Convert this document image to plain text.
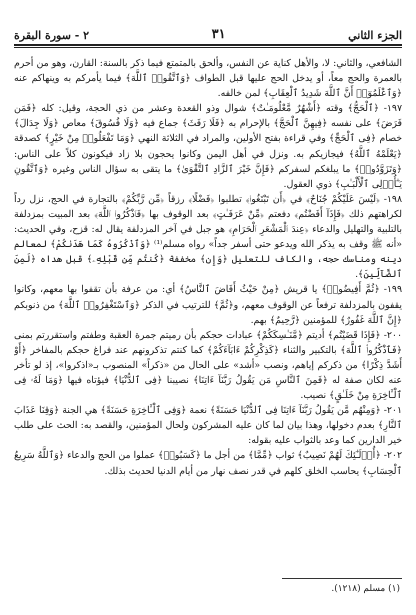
الجزء الثاني
٣١
٢ - سورة البقرة

الشافعي، والثاني: لا، والأهل كناية عن النفس، وألحق بالمتمتع فيما ذكر بالسنة: القارن، وهو من أحرم بالعمرة والحج معاً، أو يدخل الحج عليها قبل الطواف ﴿وَٱتَّقُوا۟ ٱللَّهَ﴾ فيما يأمركم به وينهاكم عنه ﴿وَٱعْلَمُوٓا۟ أَنَّ ٱللَّهَ شَدِيدُ ٱلْعِقَابِ﴾ لمن خالفه.

١٩٧- ﴿ٱلْحَجُّ﴾ وقته ﴿أَشْهُرٌ مَّعْلُومَـٰتٌ﴾ شوال وذو القعدة وعشر من ذي الحجة، وقيل: كله ﴿فَمَن فَرَضَ﴾ على نفسه ﴿فِيهِنَّ ٱلْحَجَّ﴾ بالإحرام به ﴿فَلَا رَفَثَ﴾ جماع فيه ﴿وَلَا فُسُوقَ﴾ معاص ﴿وَلَا جِدَالَ﴾ خصام ﴿فِى ٱلْحَجِّ﴾ وفي قراءة بفتح الأولين، والمراد في الثلاثة النهي ﴿وَمَا تَفْعَلُوا۟ مِنْ خَيْرٍ﴾ كصدقة ﴿يَعْلَمْهُ ٱللَّهُ﴾ فيجازيكم به. ونزل في أهل اليمن وكانوا يحجون بلا زاد فيكونون كلاً على الناس: ﴿وَتَزَوَّدُوا۟﴾ ما يبلغكم لسفركم ﴿فَإِنَّ خَيْرَ ٱلزَّادِ ٱلتَّقْوَىٰ﴾ ما يتقى به سؤال الناس وغيره ﴿وَٱتَّقُونِ يَـٰٓأُو۟لِى ٱلْأَلْبَـٰبِ﴾ ذوي العقول.

١٩٨- ﴿لَيْسَ عَلَيْكُمْ جُنَاحٌ﴾ في ﴿أَن تَبْتَغُوا۟﴾ تطلبوا ﴿فَضْلًا﴾ رزقاً ﴿مِّن رَّبِّكُمْ﴾ بالتجارة في الحج، نزل رداً لكراهتهم ذلك ﴿فَإِذَآ أَفَضْتُم﴾ دفعتم ﴿مِّنْ عَرَفَـٰتٍ﴾ بعد الوقوف بها ﴿فَٱذْكُرُوا۟ ٱللَّهَ﴾ بعد المبيت بمزدلفة بالتلبية والتهليل والدعاء ﴿عِندَ ٱلْمَشْعَرِ ٱلْحَرَامِ﴾ هو جبل في آخر المزدلفة يقال له: قزح، وفي الحديث: «أنه ﷺ وقف به يذكر الله ويدعو حتى أسفر جداً» رواه مسلم⁽¹⁾ ﴿وَٱذْكُرُوهُ كَمَا هَدَىٰكُمْ﴾ لمعالم دينه ومناسك حجه، والكاف للتعليل ﴿وَإِن﴾ مخففة ﴿كُنتُم مِّن قَبْلِهِۦ﴾ قبل هداه ﴿لَمِنَ ٱلضَّآلِّينَ﴾.

١٩٩- ﴿ثُمَّ أَفِيضُوا۟﴾ يا قريش ﴿مِنْ حَيْثُ أَفَاضَ ٱلنَّاسُ﴾ أي: من عرفة بأن تقفوا بها معهم، وكانوا يقفون بالمزدلفة ترفعاً عن الوقوف معهم، و﴿ثُمَّ﴾ للترتيب في الذكر ﴿وَٱسْتَغْفِرُوا۟ ٱللَّهَ﴾ من ذنوبكم ﴿إِنَّ ٱللَّهَ غَفُورٌ﴾ للمؤمنين ﴿رَّحِيمٌ﴾ بهم.

٢٠٠- ﴿فَإِذَا قَضَيْتُم﴾ أديتم ﴿مَّنَـٰسِكَكُمْ﴾ عبادات حجكم بأن رميتم جمرة العقبة وطفتم واستقررتم بمنى ﴿فَٱذْكُرُوا۟ ٱللَّهَ﴾ بالتكبير والثناء ﴿كَذِكْرِكُمْ ءَابَآءَكُمْ﴾ كما كنتم تذكرونهم عند فراغ حجكم بالمفاخر ﴿أَوْ أَشَدَّ ذِكْرًا﴾ من ذكركم إياهم، ونصب «أشد» على الحال من «ذكراً» المنصوب بـ«اذكروا»، إذ لو تأخر عنه لكان صفة له ﴿فَمِنَ ٱلنَّاسِ مَن يَقُولُ رَبَّنَآ ءَاتِنَا﴾ نصيبنا ﴿فِى ٱلدُّنْيَا﴾ فيؤتاه فيها ﴿وَمَا لَهُۥ فِى ٱلْـَٔاخِرَةِ مِنْ خَلَـٰقٍ﴾ نصيب.

٢٠١- ﴿وَمِنْهُم مَّن يَقُولُ رَبَّنَآ ءَاتِنَا فِى ٱلدُّنْيَا حَسَنَةً﴾ نعمة ﴿وَفِى ٱلْـَٔاخِرَةِ حَسَنَةً﴾ هي الجنة ﴿وَقِنَا عَذَابَ ٱلنَّارِ﴾ بعدم دخولها، وهذا بيان لما كان عليه المشركون ولحال المؤمنين، والقصد به: الحث على طلب خير الدارين كما وعد بالثواب عليه بقوله:

٢٠٢- ﴿أُو۟لَـٰٓئِكَ لَهُمْ نَصِيبٌ﴾ ثواب ﴿مِّمَّا﴾ من أجل ما ﴿كَسَبُوا۟﴾ عملوا من الحج والدعاء ﴿وَٱللَّهُ سَرِيعُ ٱلْحِسَابِ﴾ يحاسب الخلق كلهم في قدر نصف نهار من أيام الدنيا لحديث بذلك.

(١) مسلم (١٢١٨).
